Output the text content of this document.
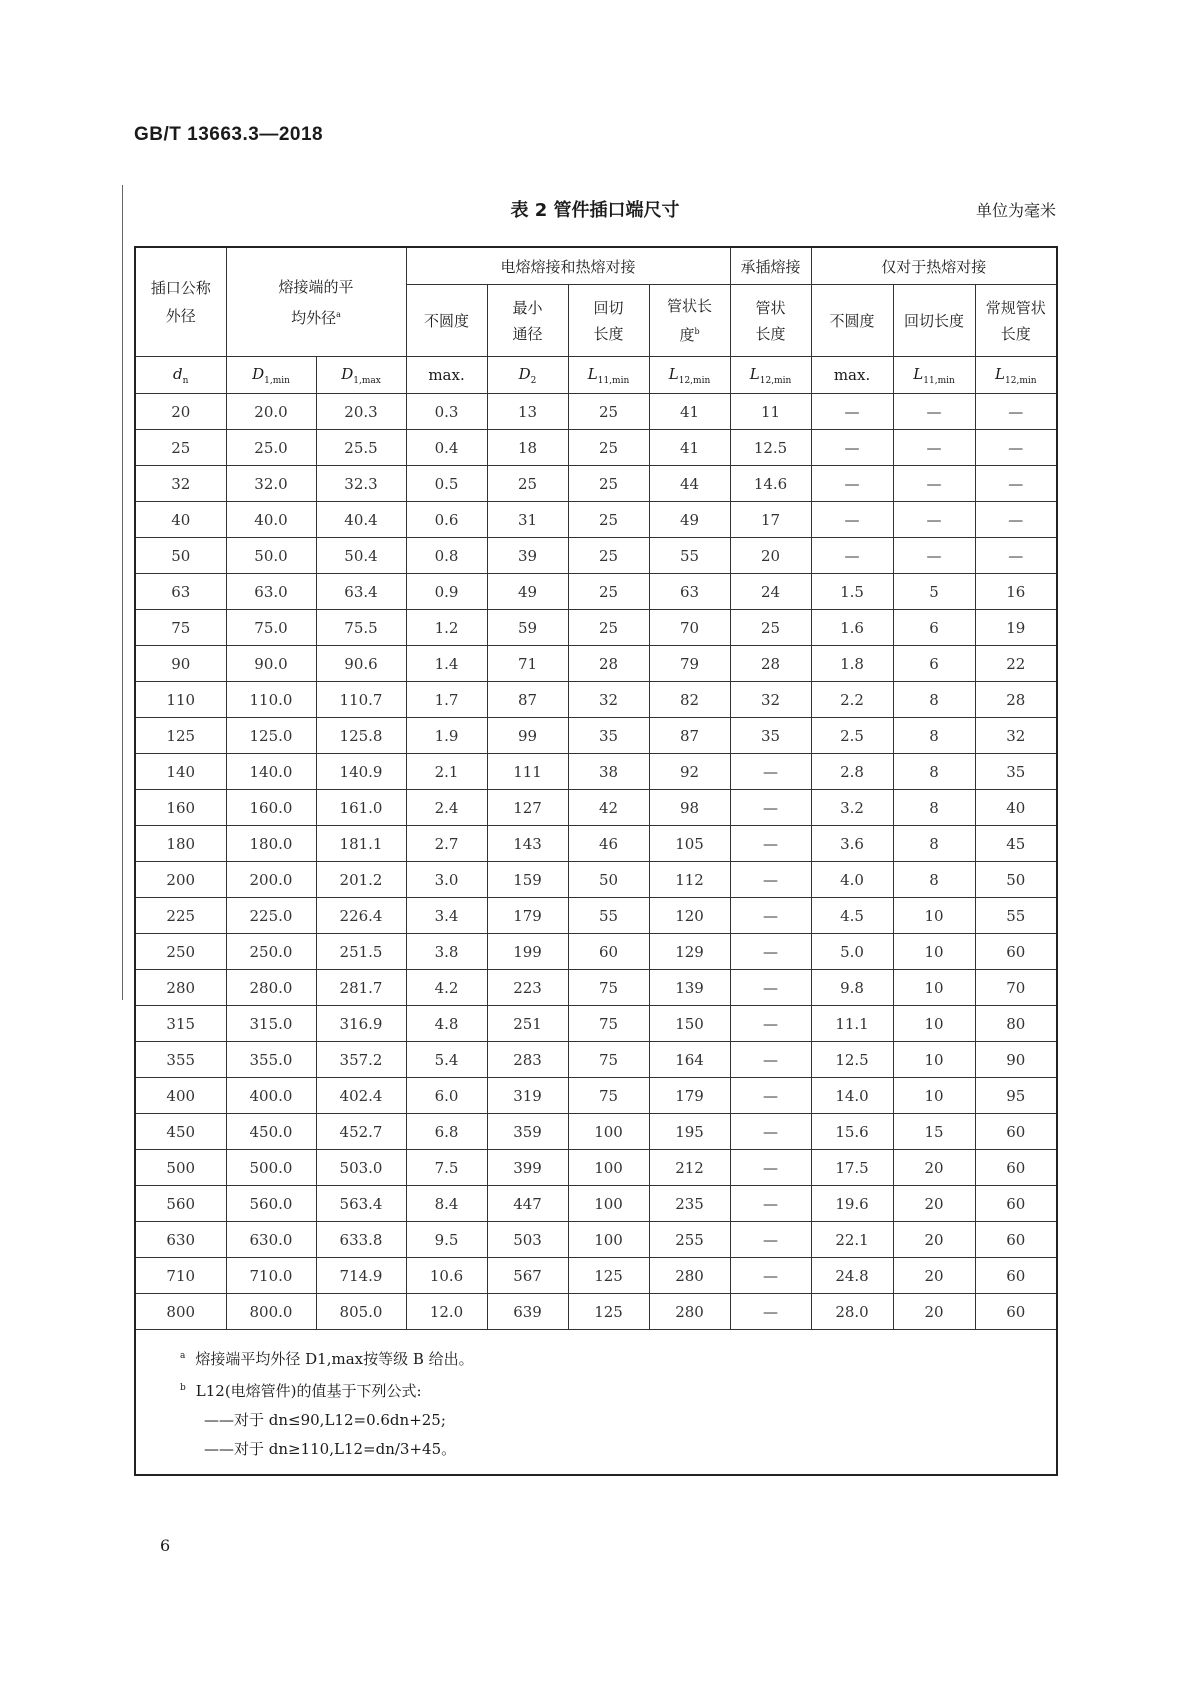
GB/T 13663.3—2018
表 2 管件插口端尺寸	单位为毫米
插口公称外径	熔接端的平均外径$^a$		电熔熔接和热熔对接				承插熔接	仅对于热熔对接		
			不圆度	最小通径	回切长度	管状长度$^b$	管状长度	不圆度	回切长度	常规管状长度
$d_n$	$D_{1,min}$	$D_{1,max}$	max.	$D_2$	$L_{11,min}$	$L_{12,min}$	$L_{12,min}$	max.	$L_{11,min}$	$L_{12,min}$
20	20.0	20.3	0.3	13	25	41	11	—	—	—
25	25.0	25.5	0.4	18	25	41	12.5	—	—	—
32	32.0	32.3	0.5	25	25	44	14.6	—	—	—
40	40.0	40.4	0.6	31	25	49	17	—	—	—
50	50.0	50.4	0.8	39	25	55	20	—	—	—
63	63.0	63.4	0.9	49	25	63	24	1.5	5	16
75	75.0	75.5	1.2	59	25	70	25	1.6	6	19
90	90.0	90.6	1.4	71	28	79	28	1.8	6	22
110	110.0	110.7	1.7	87	32	82	32	2.2	8	28
125	125.0	125.8	1.9	99	35	87	35	2.5	8	32
140	140.0	140.9	2.1	111	38	92	—	2.8	8	35
160	160.0	161.0	2.4	127	42	98	—	3.2	8	40
180	180.0	181.1	2.7	143	46	105	—	3.6	8	45
200	200.0	201.2	3.0	159	50	112	—	4.0	8	50
225	225.0	226.4	3.4	179	55	120	—	4.5	10	55
250	250.0	251.5	3.8	199	60	129	—	5.0	10	60
280	280.0	281.7	4.2	223	75	139	—	9.8	10	70
315	315.0	316.9	4.8	251	75	150	—	11.1	10	80
355	355.0	357.2	5.4	283	75	164	—	12.5	10	90
400	400.0	402.4	6.0	319	75	179	—	14.0	10	95
450	450.0	452.7	6.8	359	100	195	—	15.6	15	60
500	500.0	503.0	7.5	399	100	212	—	17.5	20	60
560	560.0	563.4	8.4	447	100	235	—	19.6	20	60
630	630.0	633.8	9.5	503	100	255	—	22.1	20	60
710	710.0	714.9	10.6	567	125	280	—	24.8	20	60
800	800.0	805.0	12.0	639	125	280	—	28.0	20	60

$^a$ 熔接端平均外径 D1,max按等级 B 给出。
$^b$ L12(电熔管件)的值基于下列公式:
——对于 dn≤90,L12=0.6dn+25;
——对于 dn≥110,L12=dn/3+45。										
6
